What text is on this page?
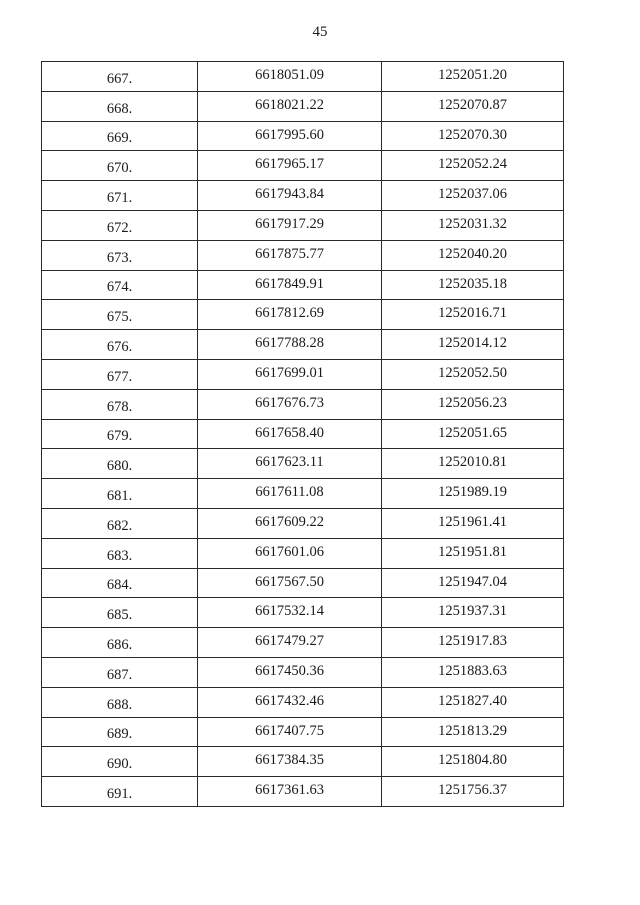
45
667.	6618051.09	1252051.20
668.	6618021.22	1252070.87
669.	6617995.60	1252070.30
670.	6617965.17	1252052.24
671.	6617943.84	1252037.06
672.	6617917.29	1252031.32
673.	6617875.77	1252040.20
674.	6617849.91	1252035.18
675.	6617812.69	1252016.71
676.	6617788.28	1252014.12
677.	6617699.01	1252052.50
678.	6617676.73	1252056.23
679.	6617658.40	1252051.65
680.	6617623.11	1252010.81
681.	6617611.08	1251989.19
682.	6617609.22	1251961.41
683.	6617601.06	1251951.81
684.	6617567.50	1251947.04
685.	6617532.14	1251937.31
686.	6617479.27	1251917.83
687.	6617450.36	1251883.63
688.	6617432.46	1251827.40
689.	6617407.75	1251813.29
690.	6617384.35	1251804.80
691.	6617361.63	1251756.37
